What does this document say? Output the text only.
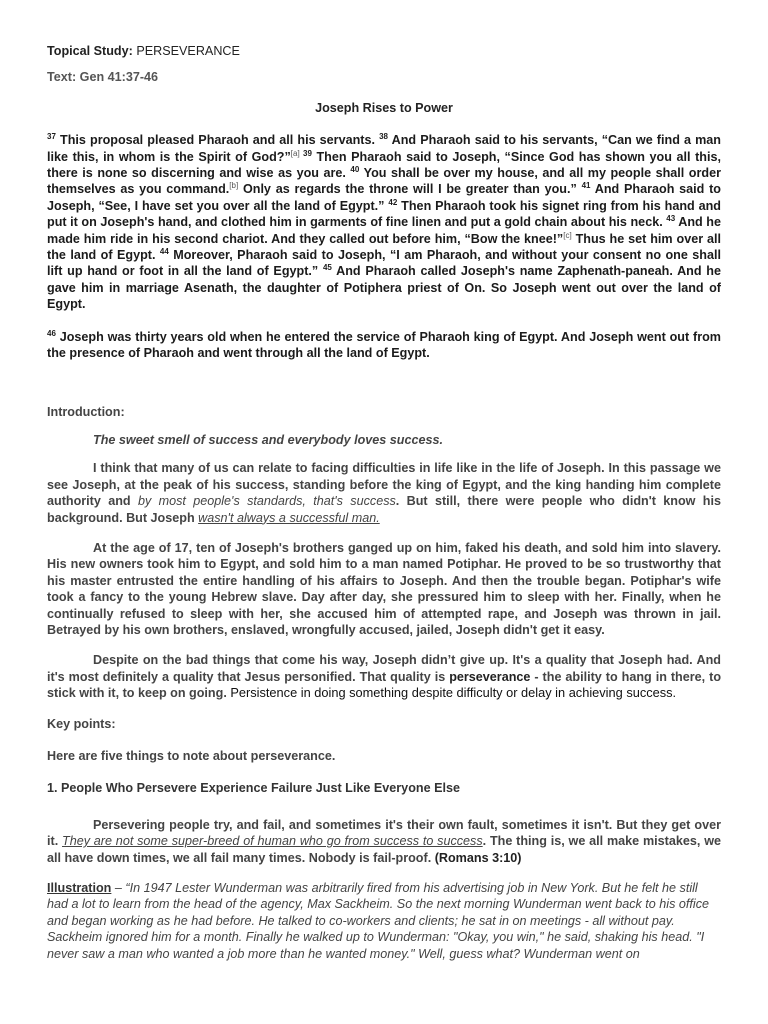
Topical Study: PERSEVERANCE

Text: Gen 41:37-46

Joseph Rises to Power

$^{37}$ This proposal pleased Pharaoh and all his servants. $^{38}$ And Pharaoh said to his servants, “Can we find a man like this, in whom is the Spirit of God?”[a] $^{39}$ Then Pharaoh said to Joseph, “Since God has shown you all this, there is none so discerning and wise as you are. $^{40}$ You shall be over my house, and all my people shall order themselves as you command.[b] Only as regards the throne will I be greater than you.” $^{41}$ And Pharaoh said to Joseph, “See, I have set you over all the land of Egypt.” $^{42}$ Then Pharaoh took his signet ring from his hand and put it on Joseph's hand, and clothed him in garments of fine linen and put a gold chain about his neck. $^{43}$ And he made him ride in his second chariot. And they called out before him, “Bow the knee!”[c] Thus he set him over all the land of Egypt. $^{44}$ Moreover, Pharaoh said to Joseph, “I am Pharaoh, and without your consent no one shall lift up hand or foot in all the land of Egypt.” $^{45}$ And Pharaoh called Joseph's name Zaphenath-paneah. And he gave him in marriage Asenath, the daughter of Potiphera priest of On. So Joseph went out over the land of Egypt.

$^{46}$ Joseph was thirty years old when he entered the service of Pharaoh king of Egypt. And Joseph went out from the presence of Pharaoh and went through all the land of Egypt.

Introduction:

The sweet smell of success and everybody loves success.

I think that many of us can relate to facing difficulties in life like in the life of Joseph. In this passage we see Joseph, at the peak of his success, standing before the king of Egypt, and the king handing him complete authority and by most people's standards, that's success. But still, there were people who didn't know his background. But Joseph wasn't always a successful man.

At the age of 17, ten of Joseph's brothers ganged up on him, faked his death, and sold him into slavery. His new owners took him to Egypt, and sold him to a man named Potiphar. He proved to be so trustworthy that his master entrusted the entire handling of his affairs to Joseph. And then the trouble began. Potiphar's wife took a fancy to the young Hebrew slave. Day after day, she pressured him to sleep with her. Finally, when he continually refused to sleep with her, she accused him of attempted rape, and Joseph was thrown in jail. Betrayed by his own brothers, enslaved, wrongfully accused, jailed, Joseph didn't get it easy.

Despite on the bad things that come his way, Joseph didn’t give up. It's a quality that Joseph had. And it's most definitely a quality that Jesus personified. That quality is perseverance - the ability to hang in there, to stick with it, to keep on going. Persistence in doing something despite difficulty or delay in achieving success.

Key points:

Here are five things to note about perseverance.

1. People Who Persevere Experience Failure Just Like Everyone Else

Persevering people try, and fail, and sometimes it's their own fault, sometimes it isn't. But they get over it. They are not some super-breed of human who go from success to success. The thing is, we all make mistakes, we all have down times, we all fail many times. Nobody is fail-proof. (Romans 3:10)

Illustration – “In 1947 Lester Wunderman was arbitrarily fired from his advertising job in New York. But he felt he still had a lot to learn from the head of the agency, Max Sackheim. So the next morning Wunderman went back to his office and began working as he had before. He talked to co-workers and clients; he sat in on meetings - all without pay. Sackheim ignored him for a month. Finally he walked up to Wunderman: "Okay, you win," he said, shaking his head. "I never saw a man who wanted a job more than he wanted money." Well, guess what? Wunderman went on
